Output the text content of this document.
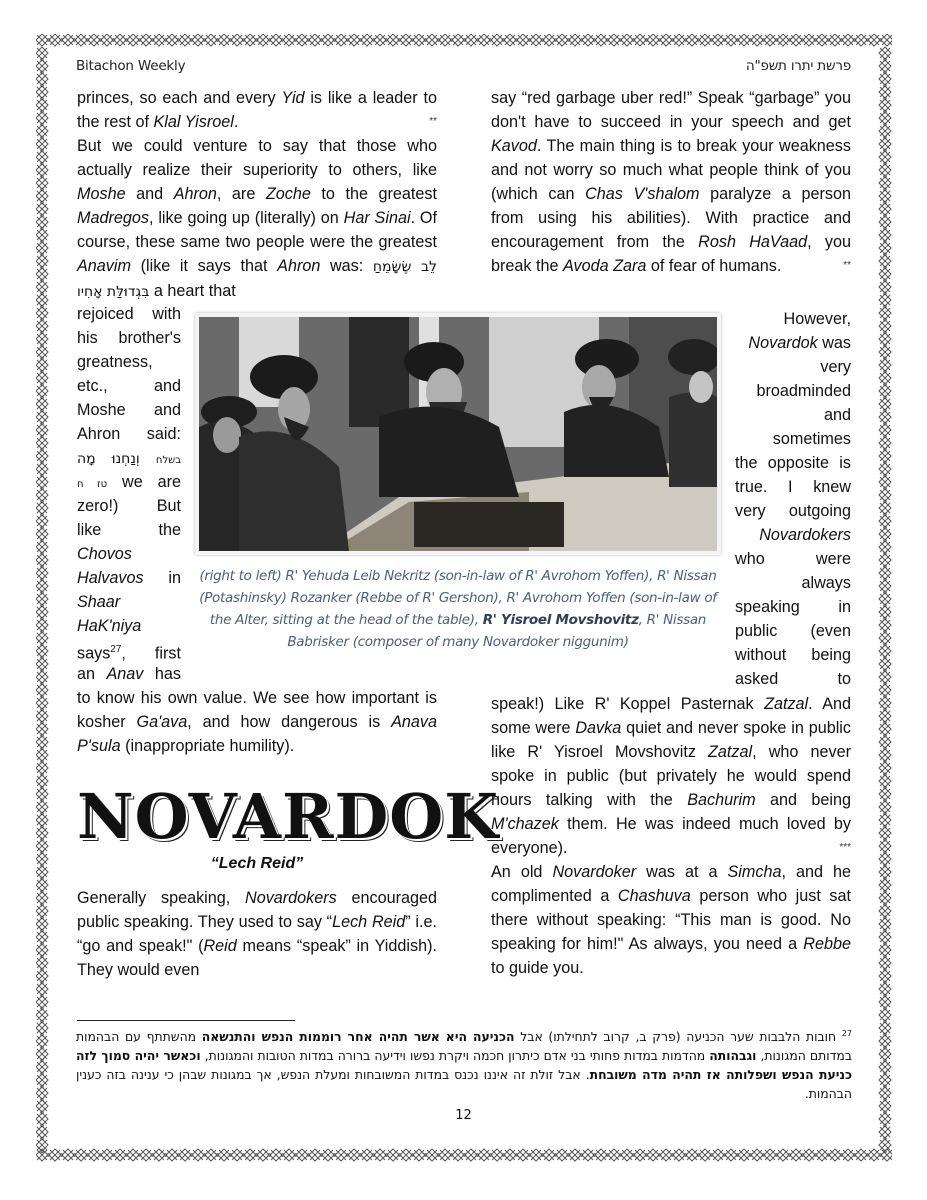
Bitachon Weekly	פרשת יתרו תשפ"ה

princes, so each and every Yid is like a leader to the rest of Klal Yisroel.	**

But we could venture to say that those who actually realize their superiority to others, like Moshe and Ahron, are Zoche to the greatest Madregos, like going up (literally) on Har Sinai. Of course, these same two people were the greatest Anavim (like it says that Ahron was: לֵב שֶׂשָּׂמֵחַ בִּגְדוּלַּת אָחִיו a heart that

rejoiced with
his brother's
greatness,
etc., and
Moshe and
Ahron said:
וְנַחְנוּ מָה בשלח
טז ח we are
zero!) But
like the
Chovos
Halvavos in
Shaar
HaK'niya
says$^{27}$, first
an Anav has
(right to left) R' Yehuda Leib Nekritz (son-in-law of R' Avrohom Yoffen), R' Nissan (Potashinsky) Rozanker (Rebbe of R' Gershon), R' Avrohom Yoffen (son-in-law of the Alter, sitting at the head of the table), R' Yisroel Movshovitz, R' Nissan Babrisker (composer of many Novardoker niggunim)

to know his own value. We see how important is kosher Ga'ava, and how dangerous is Anava P'sula (inappropriate humility).

NOVARDOK
“Lech Reid”

Generally speaking, Novardokers encouraged public speaking. They used to say “Lech Reid” i.e. “go and speak!" (Reid means “speak” in Yiddish). They would even

say “red garbage uber red!” Speak “garbage” you don't have to succeed in your speech and get Kavod. The main thing is to break your weakness and not worry so much what people think of you (which can Chas V'shalom paralyze a person from using his abilities). With practice and encouragement from the Rosh HaVaad, you break the Avoda Zara of fear of humans.	**

However,
Novardok was
very
broadminded
and
sometimes
the opposite is
true. I knew
very outgoing
Novardokers
who were
always
speaking in
public (even
without being
asked to

speak!) Like R' Koppel Pasternak Zatzal. And some were Davka quiet and never spoke in public like R' Yisroel Movshovitz Zatzal, who never spoke in public (but privately he would spend hours talking with the Bachurim and being M'chazek them. He was indeed much loved by everyone).	***

An old Novardoker was at a Simcha, and he complimented a Chashuva person who just sat there without speaking: “This man is good. No speaking for him!" As always, you need a Rebbe to guide you.

$^{27}$ חובות הלבבות שער הכניעה (פרק ב, קרוב לתחילתו) אבל הכניעה היא אשר תהיה אחר רוממות הנפש והתנשאה מהשתתף עם הבהמות במדותם המגונות, וגבהותה מהדמות במדות פחותי בני אדם כיתרון חכמה ויקרת נפשו וידיעה ברורה במדות הטובות והמגונות, וכאשר יהיה סמוך לזה כניעת הנפש ושפלותה אז תהיה מדה משובחת. אבל זולת זה איננו נכנס במדות המשובחות ומעלת הנפש, אך במגונות שבהן כי ענינה בזה כענין הבהמות.
12
